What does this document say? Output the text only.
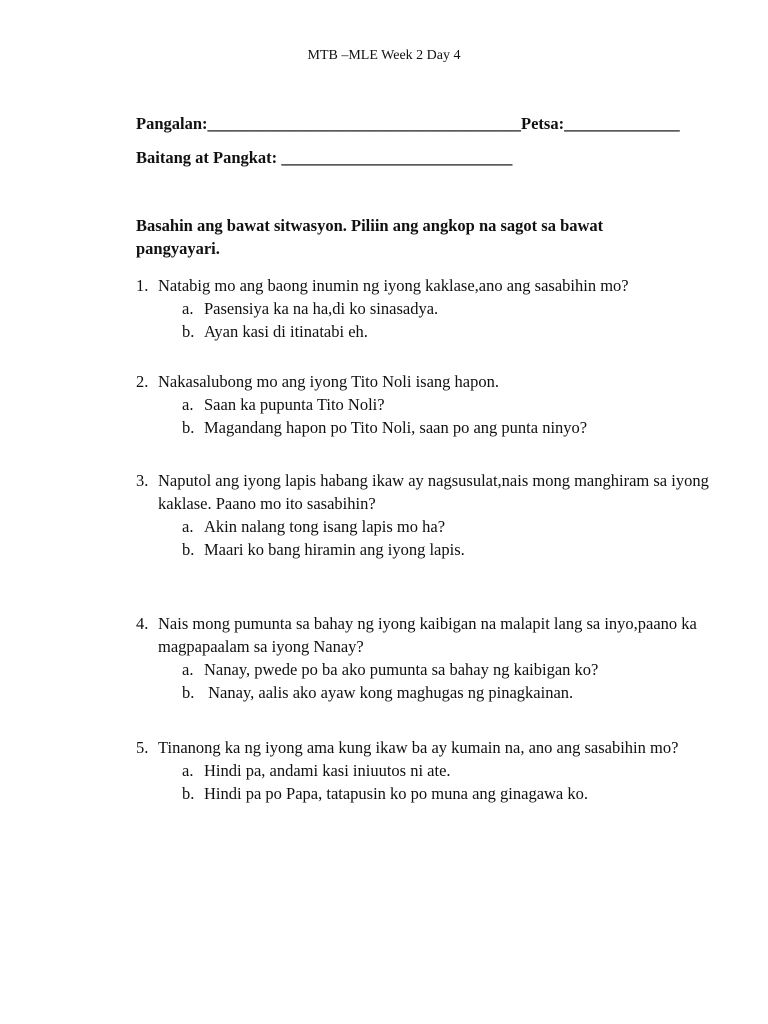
MTB –MLE Week 2 Day 4
Pangalan:______________________________________Petsa:______________
Baitang at Pangkat: ____________________________
Basahin ang bawat sitwasyon. Piliin ang angkop na sagot sa bawat pangyayari.
1. Natabig mo ang baong inumin ng iyong kaklase,ano ang sasabihin mo?
a. Pasensiya ka na ha,di ko sinasadya.
b. Ayan kasi di itinatabi eh.
2. Nakasalubong mo ang iyong Tito Noli isang hapon.
a. Saan ka pupunta Tito Noli?
b. Magandang hapon po Tito Noli, saan po ang punta ninyo?
3. Naputol ang iyong lapis habang ikaw ay nagsusulat,nais mong manghiram sa iyong kaklase. Paano mo ito sasabihin?
a. Akin nalang tong isang lapis mo ha?
b. Maari ko bang hiramin ang iyong lapis.
4. Nais mong pumunta sa bahay ng iyong kaibigan na malapit lang sa inyo,paano ka magpapaalam sa iyong Nanay?
a. Nanay, pwede po ba ako pumunta sa bahay ng kaibigan ko?
b. Nanay, aalis ako ayaw kong maghugas ng pinagkainan.
5. Tinanong ka ng iyong ama kung ikaw ba ay kumain na, ano ang sasabihin mo?
a. Hindi pa, andami kasi iniuutos ni ate.
b. Hindi pa po Papa, tatapusin ko po muna ang ginagawa ko.
